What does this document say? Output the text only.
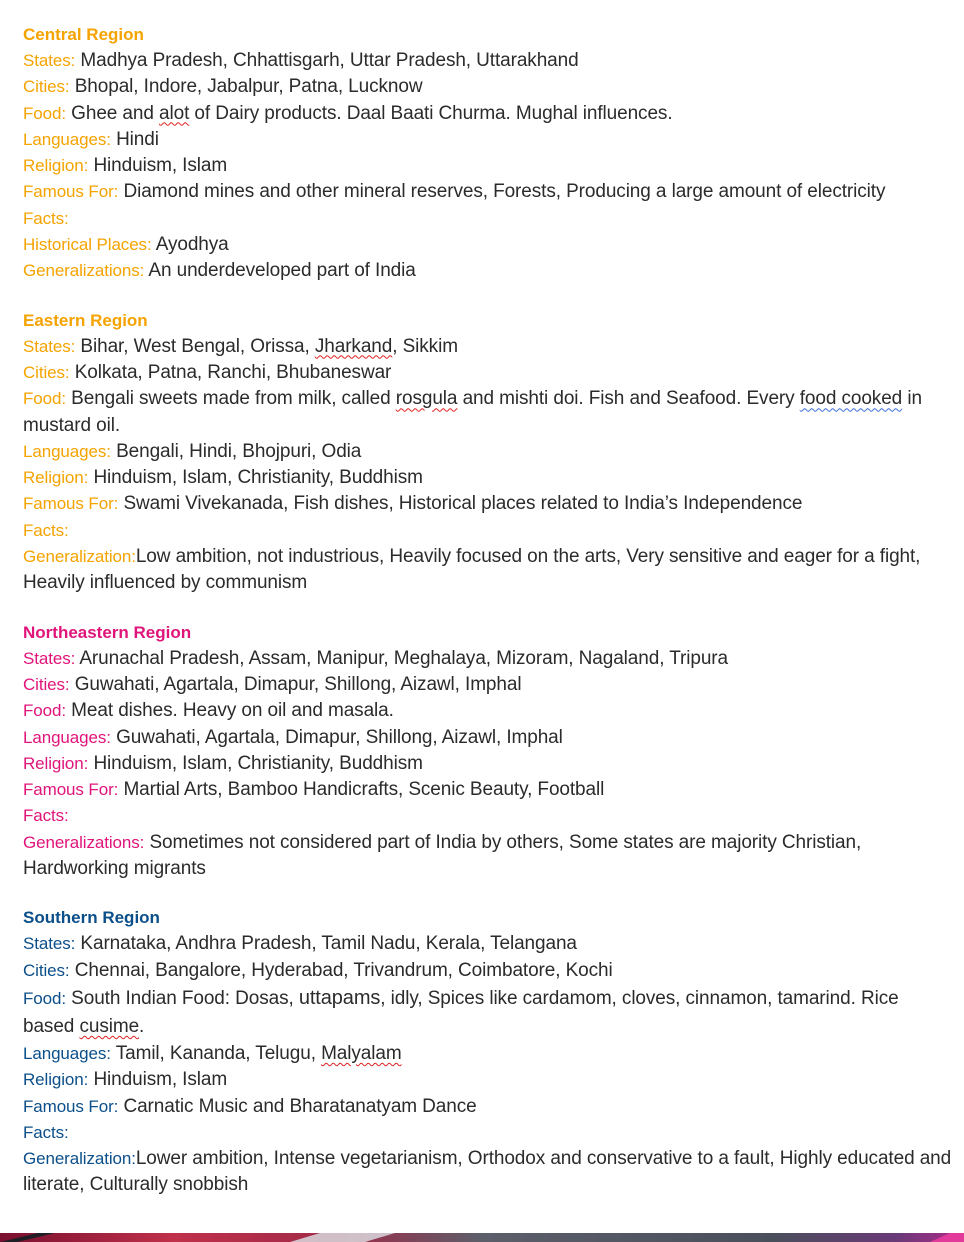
Central Region
States: Madhya Pradesh, Chhattisgarh, Uttar Pradesh, Uttarakhand
Cities: Bhopal, Indore, Jabalpur, Patna, Lucknow
Food: Ghee and alot of Dairy products. Daal Baati Churma. Mughal influences.
Languages: Hindi
Religion: Hinduism, Islam
Famous For: Diamond mines and other mineral reserves, Forests, Producing a large amount of electricity
Facts:
Historical Places: Ayodhya
Generalizations: An underdeveloped part of India
Eastern Region
States: Bihar, West Bengal, Orissa, Jharkand, Sikkim
Cities: Kolkata, Patna, Ranchi, Bhubaneswar
Food: Bengali sweets made from milk, called rosgula and mishti doi. Fish and Seafood. Every food cooked in mustard oil.
Languages: Bengali, Hindi, Bhojpuri, Odia
Religion: Hinduism, Islam, Christianity, Buddhism
Famous For: Swami Vivekanada, Fish dishes, Historical places related to India’s Independence
Facts:
Generalization:Low ambition, not industrious, Heavily focused on the arts, Very sensitive and eager for a fight, Heavily influenced by communism
Northeastern Region
States: Arunachal Pradesh, Assam, Manipur, Meghalaya, Mizoram, Nagaland, Tripura
Cities: Guwahati, Agartala, Dimapur, Shillong, Aizawl, Imphal
Food: Meat dishes. Heavy on oil and masala.
Languages: Guwahati, Agartala, Dimapur, Shillong, Aizawl, Imphal
Religion: Hinduism, Islam, Christianity, Buddhism
Famous For: Martial Arts, Bamboo Handicrafts, Scenic Beauty, Football
Facts:
Generalizations: Sometimes not considered part of India by others, Some states are majority Christian, Hardworking migrants
Southern Region
States: Karnataka, Andhra Pradesh, Tamil Nadu, Kerala, Telangana
Cities: Chennai, Bangalore, Hyderabad, Trivandrum, Coimbatore, Kochi
Food: South Indian Food: Dosas, uttapams, idly, Spices like cardamom, cloves, cinnamon, tamarind. Rice based cusime.
Languages: Tamil, Kananda, Telugu, Malyalam
Religion: Hinduism, Islam
Famous For: Carnatic Music and Bharatanatyam Dance
Facts:
Generalization:Lower ambition, Intense vegetarianism, Orthodox and conservative to a fault, Highly educated and literate, Culturally snobbish
